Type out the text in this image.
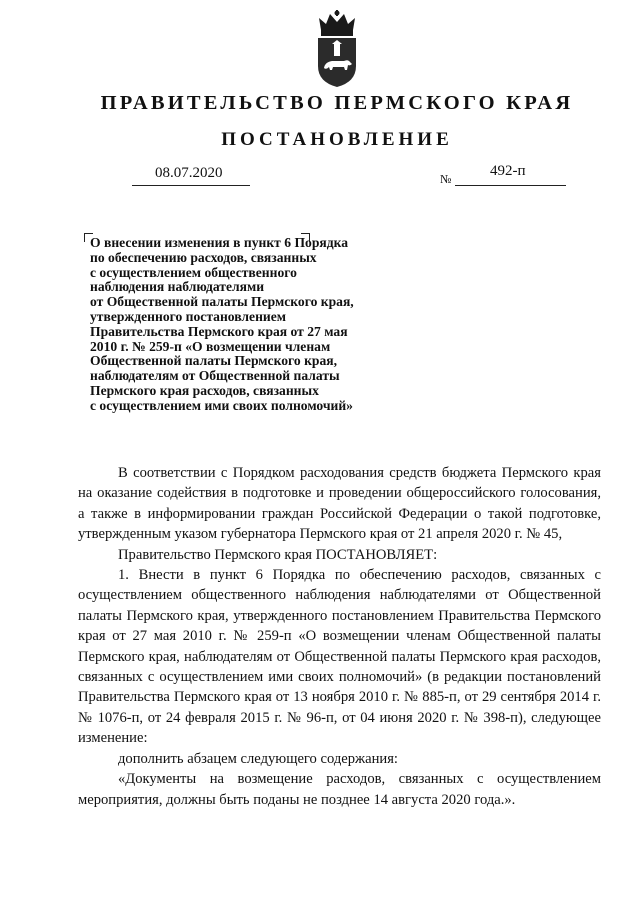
ПРАВИТЕЛЬСТВО ПЕРМСКОГО КРАЯ
ПОСТАНОВЛЕНИЕ
08.07.2020	№	492-п
О внесении изменения в пункт 6 Порядка
по обеспечению расходов, связанных
с осуществлением общественного
наблюдения наблюдателями
от Общественной палаты Пермского края,
утвержденного постановлением
Правительства Пермского края от 27 мая
2010 г. № 259-п «О возмещении членам
Общественной палаты Пермского края,
наблюдателям от Общественной палаты
Пермского края расходов, связанных
с осуществлением ими своих полномочий»

В соответствии с Порядком расходования средств бюджета Пермского края на оказание содействия в подготовке и проведении общероссийского голосования, а также в информировании граждан Российской Федерации о такой подготовке, утвержденным указом губернатора Пермского края от 21 апреля 2020 г. № 45,

Правительство Пермского края ПОСТАНОВЛЯЕТ:

1. Внести в пункт 6 Порядка по обеспечению расходов, связанных с осуществлением общественного наблюдения наблюдателями от Общественной палаты Пермского края, утвержденного постановлением Правительства Пермского края от 27 мая 2010 г. № 259-п «О возмещении членам Общественной палаты Пермского края, наблюдателям от Общественной палаты Пермского края расходов, связанных с осуществлением ими своих полномочий» (в редакции постановлений Правительства Пермского края от 13 ноября 2010 г. № 885-п, от 29 сентября 2014 г. № 1076-п, от 24 февраля 2015 г. № 96-п, от 04 июня 2020 г. № 398-п), следующее изменение:

дополнить абзацем следующего содержания:

«Документы на возмещение расходов, связанных с осуществлением мероприятия, должны быть поданы не позднее 14 августа 2020 года.».
